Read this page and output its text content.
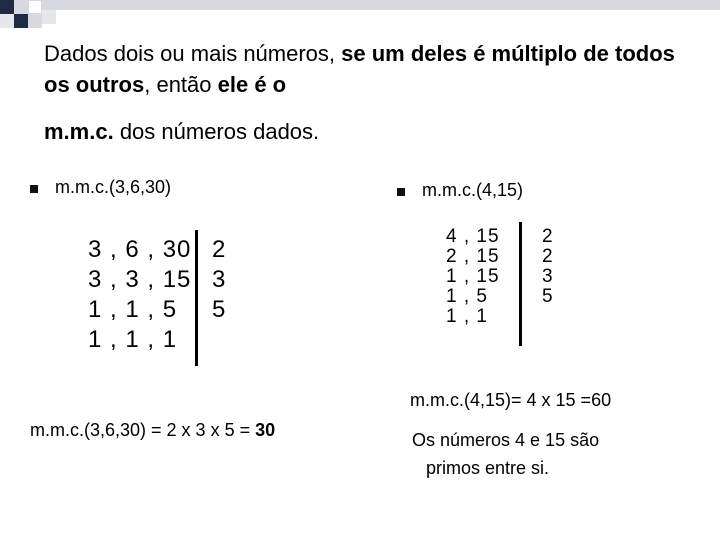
Dados dois ou mais números, se um deles é múltiplo de todos os outros, então ele é o
m.m.c. dos números dados.
m.m.c.(3,6,30)
3 , 6 , 30 2
3 , 3 , 15 3
1 , 1 , 5 5
1 , 1 , 1
m.m.c.(3,6,30) = 2 x 3 x 5 = 30
m.m.c.(4,15)
4 , 15 2
2 , 15 2
1 , 15 3
1 , 5	5
1 , 1
m.m.c.(4,15)= 4 x 15 =60
Os números 4 e 15 são
primos entre si.
